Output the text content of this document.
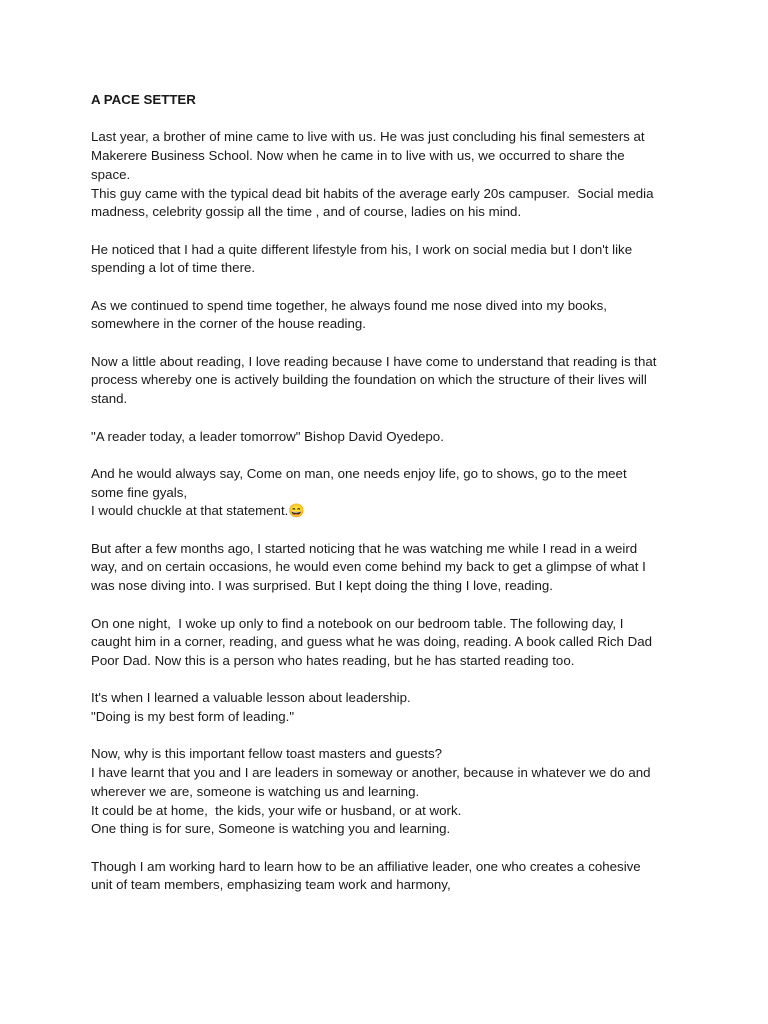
A PACE SETTER
Last year, a brother of mine came to live with us. He was just concluding his final semesters at
Makerere Business School. Now when he came in to live with us, we occurred to share the
space.
This guy came with the typical dead bit habits of the average early 20s campuser.  Social media
madness, celebrity gossip all the time , and of course, ladies on his mind.
He noticed that I had a quite different lifestyle from his, I work on social media but I don't like
spending a lot of time there.
As we continued to spend time together, he always found me nose dived into my books,
somewhere in the corner of the house reading.
Now a little about reading, I love reading because I have come to understand that reading is that
process whereby one is actively building the foundation on which the structure of their lives will
stand.
"A reader today, a leader tomorrow" Bishop David Oyedepo.
And he would always say, Come on man, one needs enjoy life, go to shows, go to the meet
some fine gyals,
I would chuckle at that statement.😄
But after a few months ago, I started noticing that he was watching me while I read in a weird
way, and on certain occasions, he would even come behind my back to get a glimpse of what I
was nose diving into. I was surprised. But I kept doing the thing I love, reading.
On one night,  I woke up only to find a notebook on our bedroom table. The following day, I
caught him in a corner, reading, and guess what he was doing, reading. A book called Rich Dad
Poor Dad. Now this is a person who hates reading, but he has started reading too.
It's when I learned a valuable lesson about leadership.
"Doing is my best form of leading."
Now, why is this important fellow toast masters and guests?
I have learnt that you and I are leaders in someway or another, because in whatever we do and
wherever we are, someone is watching us and learning.
It could be at home,  the kids, your wife or husband, or at work.
One thing is for sure, Someone is watching you and learning.
Though I am working hard to learn how to be an affiliative leader, one who creates a cohesive
unit of team members, emphasizing team work and harmony,
